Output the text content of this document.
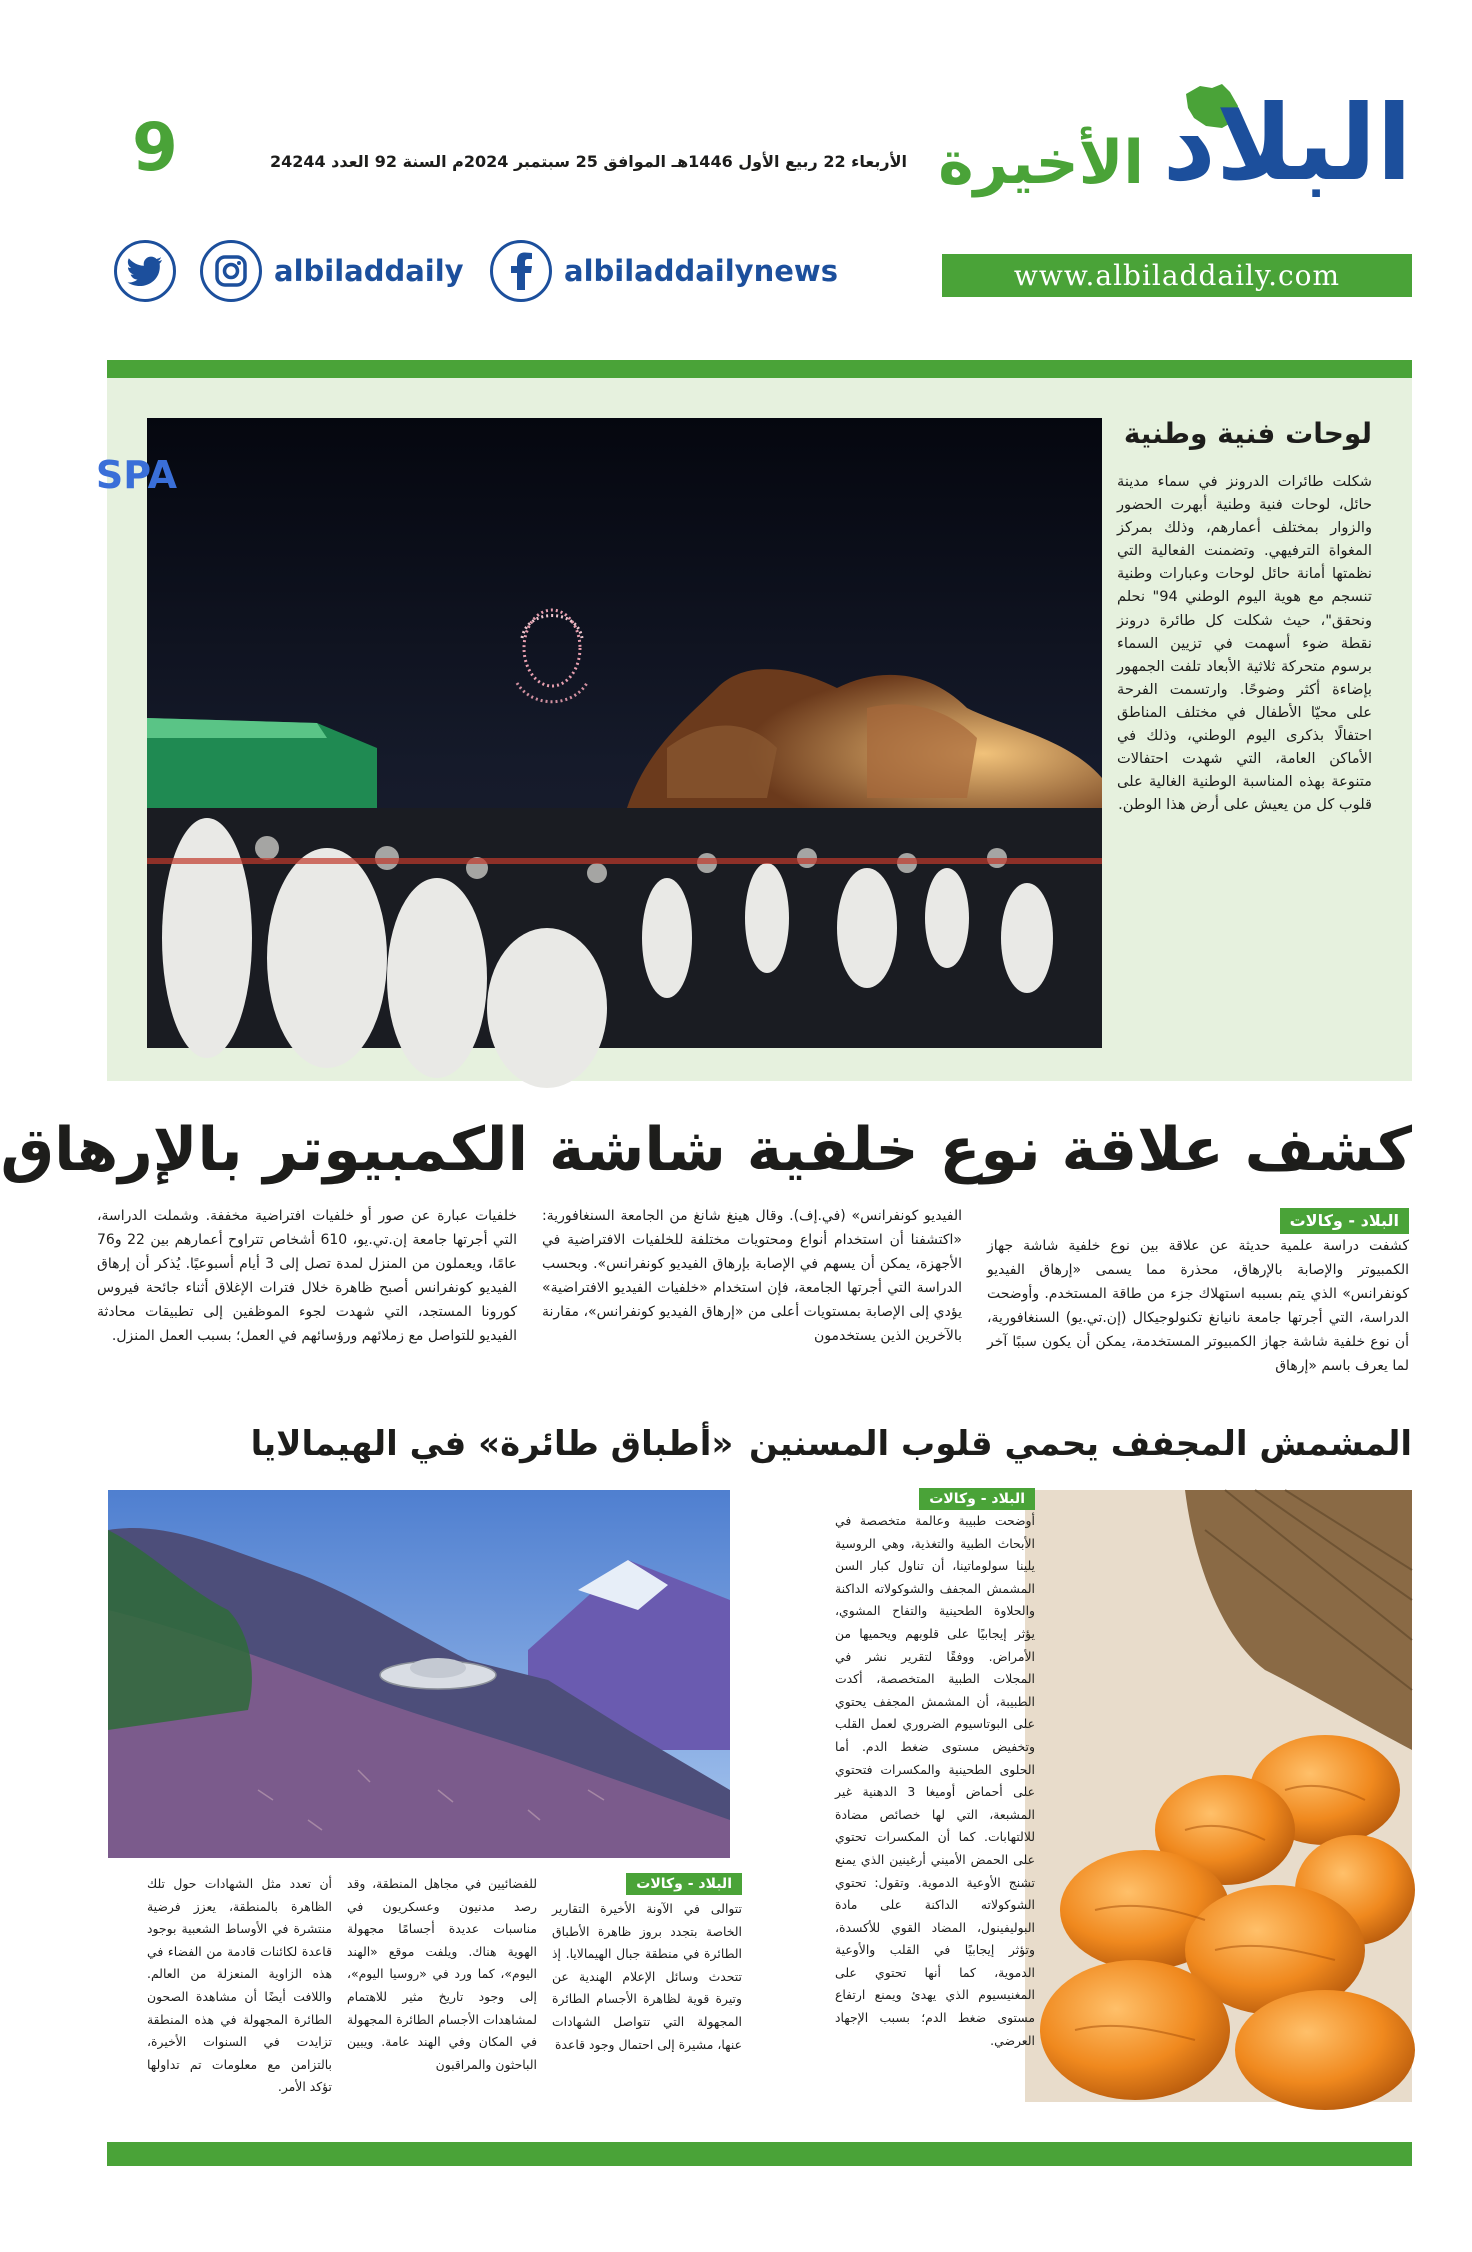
البلاد
الأخيرة
9	الأربعاء 22 ربيع الأول 1446هـ الموافق 25 سبتمبر 2024م السنة 92 العدد 24244
www.albiladdaily.com
albiladdailynews
albiladdaily
SPA
لوحات فنية وطنية
شكلت طائرات الدرونز في سماء مدينة حائل، لوحات فنية وطنية أبهرت الحضور والزوار بمختلف أعمارهم، وذلك بمركز المغواة الترفيهي. وتضمنت الفعالية التي نظمتها أمانة حائل لوحات وعبارات وطنية تنسجم مع هوية اليوم الوطني 94" نحلم ونحقق"، حيث شكلت كل طائرة درونز نقطة ضوء أسهمت في تزيين السماء برسوم متحركة ثلاثية الأبعاد تلفت الجمهور بإضاءة أكثر وضوحًا. وارتسمت الفرحة على محيّا الأطفال في مختلف المناطق احتفالًا بذكرى اليوم الوطني، وذلك في الأماكن العامة، التي شهدت احتفالات متنوعة بهذه المناسبة الوطنية الغالية على قلوب كل من يعيش على أرض هذا الوطن.
كشف علاقة نوع خلفية شاشة الكمبيوتر بالإرهاق
البلاد - وكالات
كشفت دراسة علمية حديثة عن علاقة بين نوع خلفية شاشة جهاز الكمبيوتر والإصابة بالإرهاق، محذرة مما يسمى «إرهاق الفيديو كونفرانس» الذي يتم بسببه استهلاك جزء من طاقة المستخدم. وأوضحت الدراسة، التي أجرتها جامعة نانيانغ تكنولوجيكال (إن.تي.يو) السنغافورية، أن نوع خلفية شاشة جهاز الكمبيوتر المستخدمة، يمكن أن يكون سببًا آخر لما يعرف باسم «إرهاق
الفيديو كونفرانس» (في.إف). وقال هينغ شانغ من الجامعة السنغافورية: «اكتشفنا أن استخدام أنواع ومحتويات مختلفة للخلفيات الافتراضية في الأجهزة، يمكن أن يسهم في الإصابة بإرهاق الفيديو كونفرانس». وبحسب الدراسة التي أجرتها الجامعة، فإن استخدام «خلفيات الفيديو الافتراضية» يؤدي إلى الإصابة بمستويات أعلى من «إرهاق الفيديو كونفرانس»، مقارنة بالآخرين الذين يستخدمون
خلفيات عبارة عن صور أو خلفيات افتراضية مخففة. وشملت الدراسة، التي أجرتها جامعة إن.تي.يو، 610 أشخاص تتراوح أعمارهم بين 22 و76 عامًا، ويعملون من المنزل لمدة تصل إلى 3 أيام أسبوعيًا. يُذكر أن إرهاق الفيديو كونفرانس أصبح ظاهرة خلال فترات الإغلاق أثناء جائحة فيروس كورونا المستجد، التي شهدت لجوء الموظفين إلى تطبيقات محادثة الفيديو للتواصل مع زملائهم ورؤسائهم في العمل؛ بسبب العمل المنزل.
المشمش المجفف يحمي قلوب المسنين
البلاد - وكالات
أوضحت طبيبة وعالمة متخصصة في الأبحاث الطبية والتغذية، وهي الروسية يلينا سولوماتينا، أن تناول كبار السن المشمش المجفف والشوكولاته الداكنة والحلاوة الطحينية والتفاح المشوي، يؤثر إيجابيًا على قلوبهم ويحميها من الأمراض. ووفقًا لتقرير نشر في المجلات الطبية المتخصصة، أكدت الطبيبة، أن المشمش المجفف يحتوي على البوتاسيوم الضروري لعمل القلب وتخفيض مستوى ضغط الدم. أما الحلوى الطحينية والمكسرات فتحتوي على أحماض أوميغا 3 الدهنية غير المشبعة، التي لها خصائص مضادة للالتهابات. كما أن المكسرات تحتوي على الحمض الأميني أرغينين الذي يمنع تشنج الأوعية الدموية. وتقول: تحتوي الشوكولاته الداكنة على مادة البوليفينول، المضاد القوي للأكسدة، وتؤثر إيجابيًا في القلب والأوعية الدموية، كما أنها تحتوي على المغنيسيوم الذي يهدئ ويمنع ارتفاع مستوى ضغط الدم؛ بسبب الإجهاد العرضي.
«أطباق طائرة» في الهيمالايا
البلاد - وكالات
تتوالى في الآونة الأخيرة التقارير الخاصة بتجدد بروز ظاهرة الأطباق الطائرة في منطقة جبال الهيمالايا. إذ تتحدث وسائل الإعلام الهندية عن وتيرة قوية لظاهرة الأجسام الطائرة المجهولة التي تتواصل الشهادات عنها، مشيرة إلى احتمال وجود قاعدة
للفضائيين في مجاهل المنطقة، وقد رصد مدنيون وعسكريون في مناسبات عديدة أجسامًا مجهولة الهوية هناك. ويلفت موقع «الهند اليوم»، كما ورد في «روسيا اليوم»، إلى وجود تاريخ مثير للاهتمام لمشاهدات الأجسام الطائرة المجهولة في المكان وفي الهند عامة. ويبين الباحثون والمراقبون
أن تعدد مثل الشهادات حول تلك الظاهرة بالمنطقة، يعزز فرضية منتشرة في الأوساط الشعبية بوجود قاعدة لكائنات قادمة من الفضاء في هذه الزاوية المنعزلة من العالم. واللافت أيضًا أن مشاهدة الصحون الطائرة المجهولة في هذه المنطقة تزايدت في السنوات الأخيرة، بالتزامن مع معلومات تم تداولها تؤكد الأمر.
